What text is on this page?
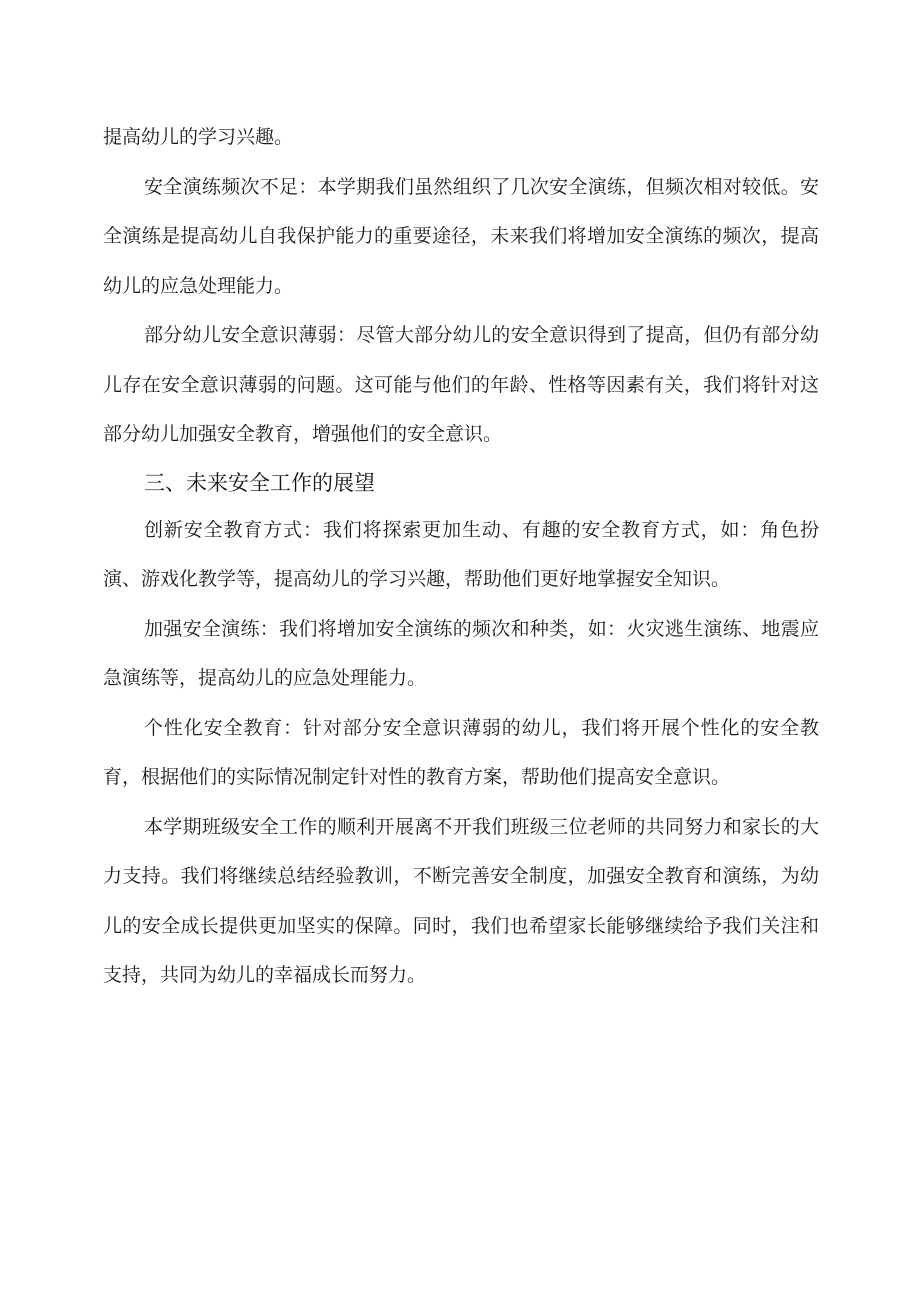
提高幼儿的学习兴趣。

安全演练频次不足：本学期我们虽然组织了几次安全演练，但频次相对较低。安全演练是提高幼儿自我保护能力的重要途径，未来我们将增加安全演练的频次，提高幼儿的应急处理能力。

部分幼儿安全意识薄弱：尽管大部分幼儿的安全意识得到了提高，但仍有部分幼儿存在安全意识薄弱的问题。这可能与他们的年龄、性格等因素有关，我们将针对这部分幼儿加强安全教育，增强他们的安全意识。

三、未来安全工作的展望

创新安全教育方式：我们将探索更加生动、有趣的安全教育方式，如：角色扮演、游戏化教学等，提高幼儿的学习兴趣，帮助他们更好地掌握安全知识。

加强安全演练：我们将增加安全演练的频次和种类，如：火灾逃生演练、地震应急演练等，提高幼儿的应急处理能力。

个性化安全教育：针对部分安全意识薄弱的幼儿，我们将开展个性化的安全教育，根据他们的实际情况制定针对性的教育方案，帮助他们提高安全意识。

本学期班级安全工作的顺利开展离不开我们班级三位老师的共同努力和家长的大力支持。我们将继续总结经验教训，不断完善安全制度，加强安全教育和演练，为幼儿的安全成长提供更加坚实的保障。同时，我们也希望家长能够继续给予我们关注和支持，共同为幼儿的幸福成长而努力。
